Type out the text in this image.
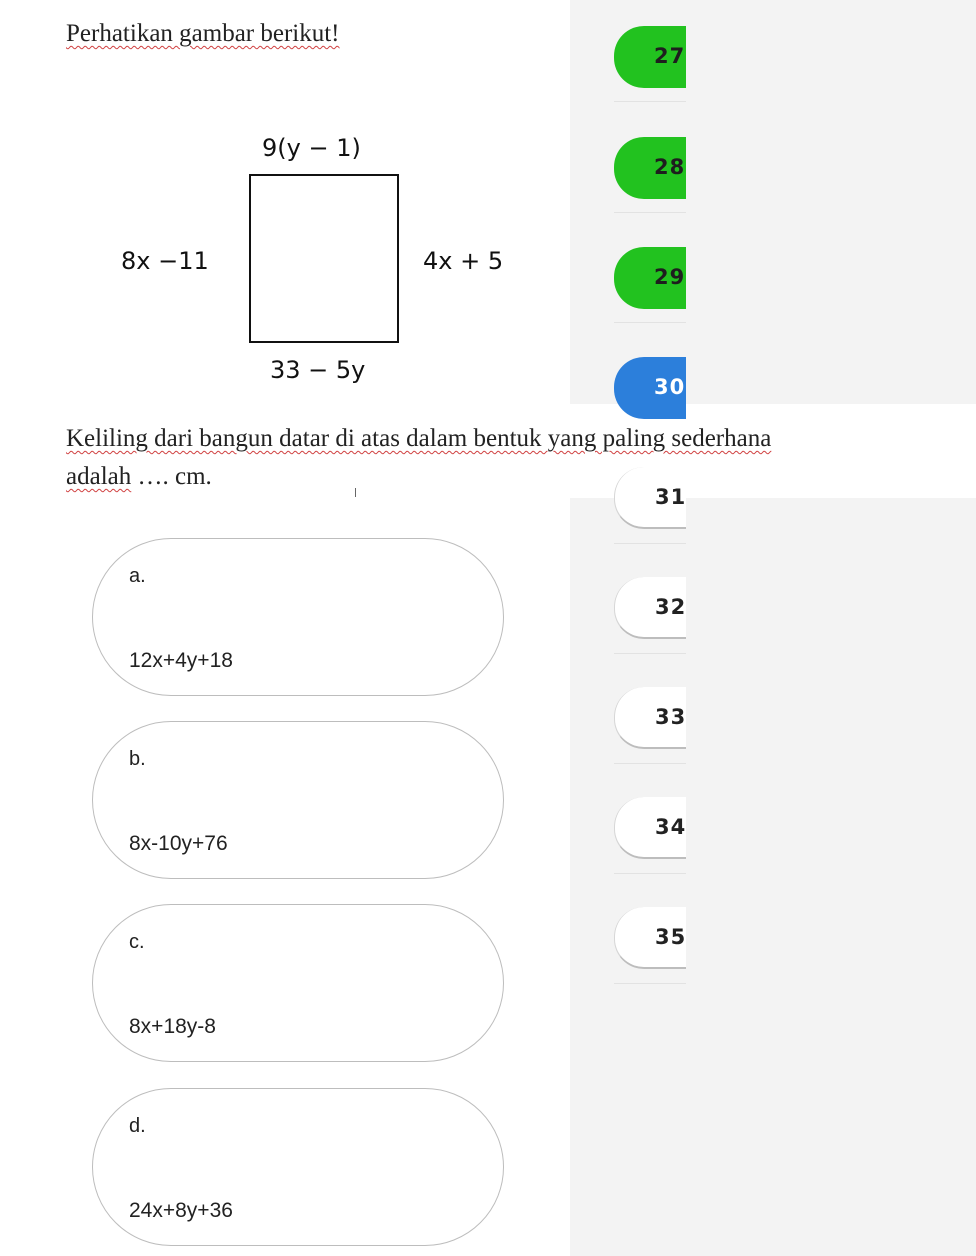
Perhatikan gambar berikut!
9(y − 1)
8x −11	4x + 5
33 − 5y
Keliling dari bangun datar di atas dalam bentuk yang paling sederhana
adalah …. cm.
a.
12x+4y+18
b.
8x-10y+76
c.
8x+18y-8
d.
24x+8y+36
27
28
29
30
31
32
33
34
35
